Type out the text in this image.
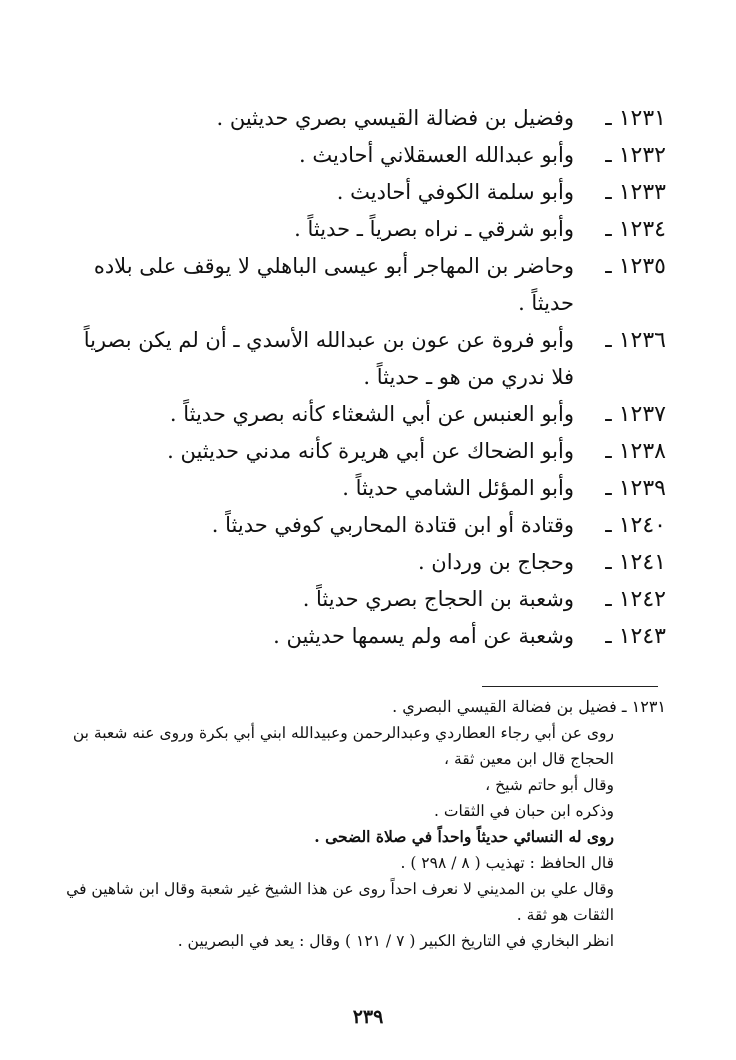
١٢٣١ ـ
وفضيل بن فضالة القيسي بصري حديثين .
١٢٣٢ ـ
وأبو عبدالله العسقلاني أحاديث .
١٢٣٣ ـ
وأبو سلمة الكوفي أحاديث .
١٢٣٤ ـ
وأبو شرقي ـ نراه بصرياً ـ حديثاً .
١٢٣٥ ـ
وحاضر بن المهاجر أبو عيسى الباهلي لا يوقف على بلاده
حديثاً .
١٢٣٦ ـ
وأبو فروة عن عون بن عبدالله الأسدي ـ أن لم يكن بصرياً
فلا ندري من هو ـ حديثاً .
١٢٣٧ ـ
وأبو العنبس عن أبي الشعثاء كأنه بصري حديثاً .
١٢٣٨ ـ
وأبو الضحاك عن أبي هريرة كأنه مدني حديثين .
١٢٣٩ ـ
وأبو المؤئل الشامي حديثاً .
١٢٤٠ ـ
وقتادة أو ابن قتادة المحاربي كوفي حديثاً .
١٢٤١ ـ
وحجاج بن وردان .
١٢٤٢ ـ
وشعبة بن الحجاج بصري حديثاً .
١٢٤٣ ـ
وشعبة عن أمه ولم يسمها حديثين .
١٢٣١ ـ فضيل بن فضالة القيسي البصري .
روى عن أبي رجاء العطاردي وعبدالرحمن وعبيدالله ابني أبي بكرة وروى عنه شعبة بن
الحجاج قال ابن معين ثقة ،
وقال أبو حاتم شيخ ،
وذكره ابن حبان في الثقات .
روى له النسائي حديثاً واحداً في صلاة الضحى .
قال الحافظ : تهذيب ( ٨ / ٢٩٨ ) .
وقال علي بن المديني لا نعرف احداً روى عن هذا الشيخ غير شعبة وقال ابن شاهين في
الثقات هو ثقة .
انظر البخاري في التاريخ الكبير ( ٧ / ١٢١ ) وقال : يعد في البصريين .
٢٣٩
